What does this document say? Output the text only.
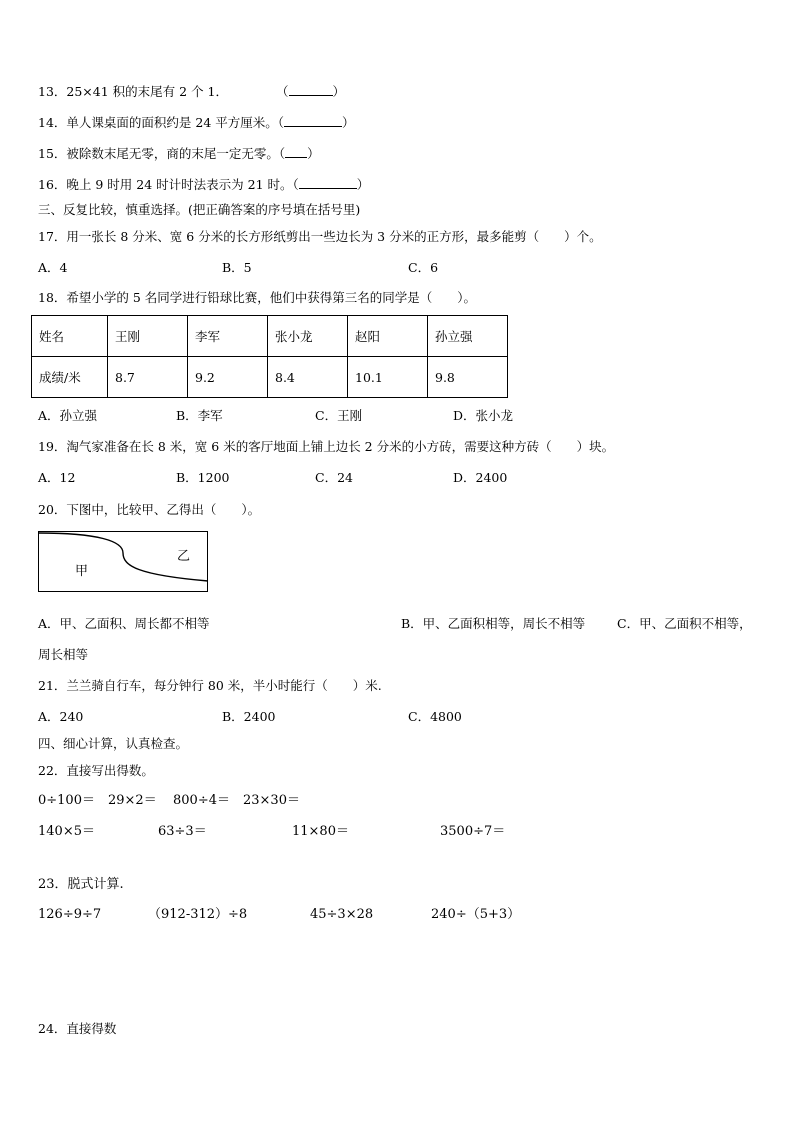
13．25×41 积的末尾有 2 个 1．	（	）
14．单人课桌面的面积约是 24 平方厘米。（	）
15．被除数末尾无零，商的末尾一定无零。（ ）
16．晚上 9 时用 24 时计时法表示为 21 时。（	）
三、反复比较，慎重选择。(把正确答案的序号填在括号里)
17．用一张长 8 分米、宽 6 分米的长方形纸剪出一些边长为 3 分米的正方形，最多能剪（　　）个。
A．4	B．5	C．6
18．希望小学的 5 名同学进行铅球比赛，他们中获得第三名的同学是（　　）。
姓名	王刚	李军	张小龙	赵阳	孙立强
成绩/米	8.7	9.2	8.4	10.1	9.8
A．孙立强	B．李军	C．王刚	D．张小龙
19．淘气家准备在长 8 米，宽 6 米的客厅地面上铺上边长 2 分米的小方砖，需要这种方砖（　　）块。
A．12	B．1200	C．24	D．2400
20．下图中，比较甲、乙得出（　　）。
甲
乙
A．甲、乙面积、周长都不相等	B．甲、乙面积相等，周长不相等	C．甲、乙面积不相等，
周长相等
21．兰兰骑自行车，每分钟行 80 米，半小时能行（　　）米.
A．240	B．2400	C．4800
四、细心计算，认真检查。
22．直接写出得数。
0÷100＝ 29×2＝ 800÷4＝ 23×30＝
140×5＝	63÷3＝	11×80＝	3500÷7＝
23．脱式计算.
126÷9÷7	（912-312）÷8	45÷3×28	240÷（5+3）
24．直接得数
